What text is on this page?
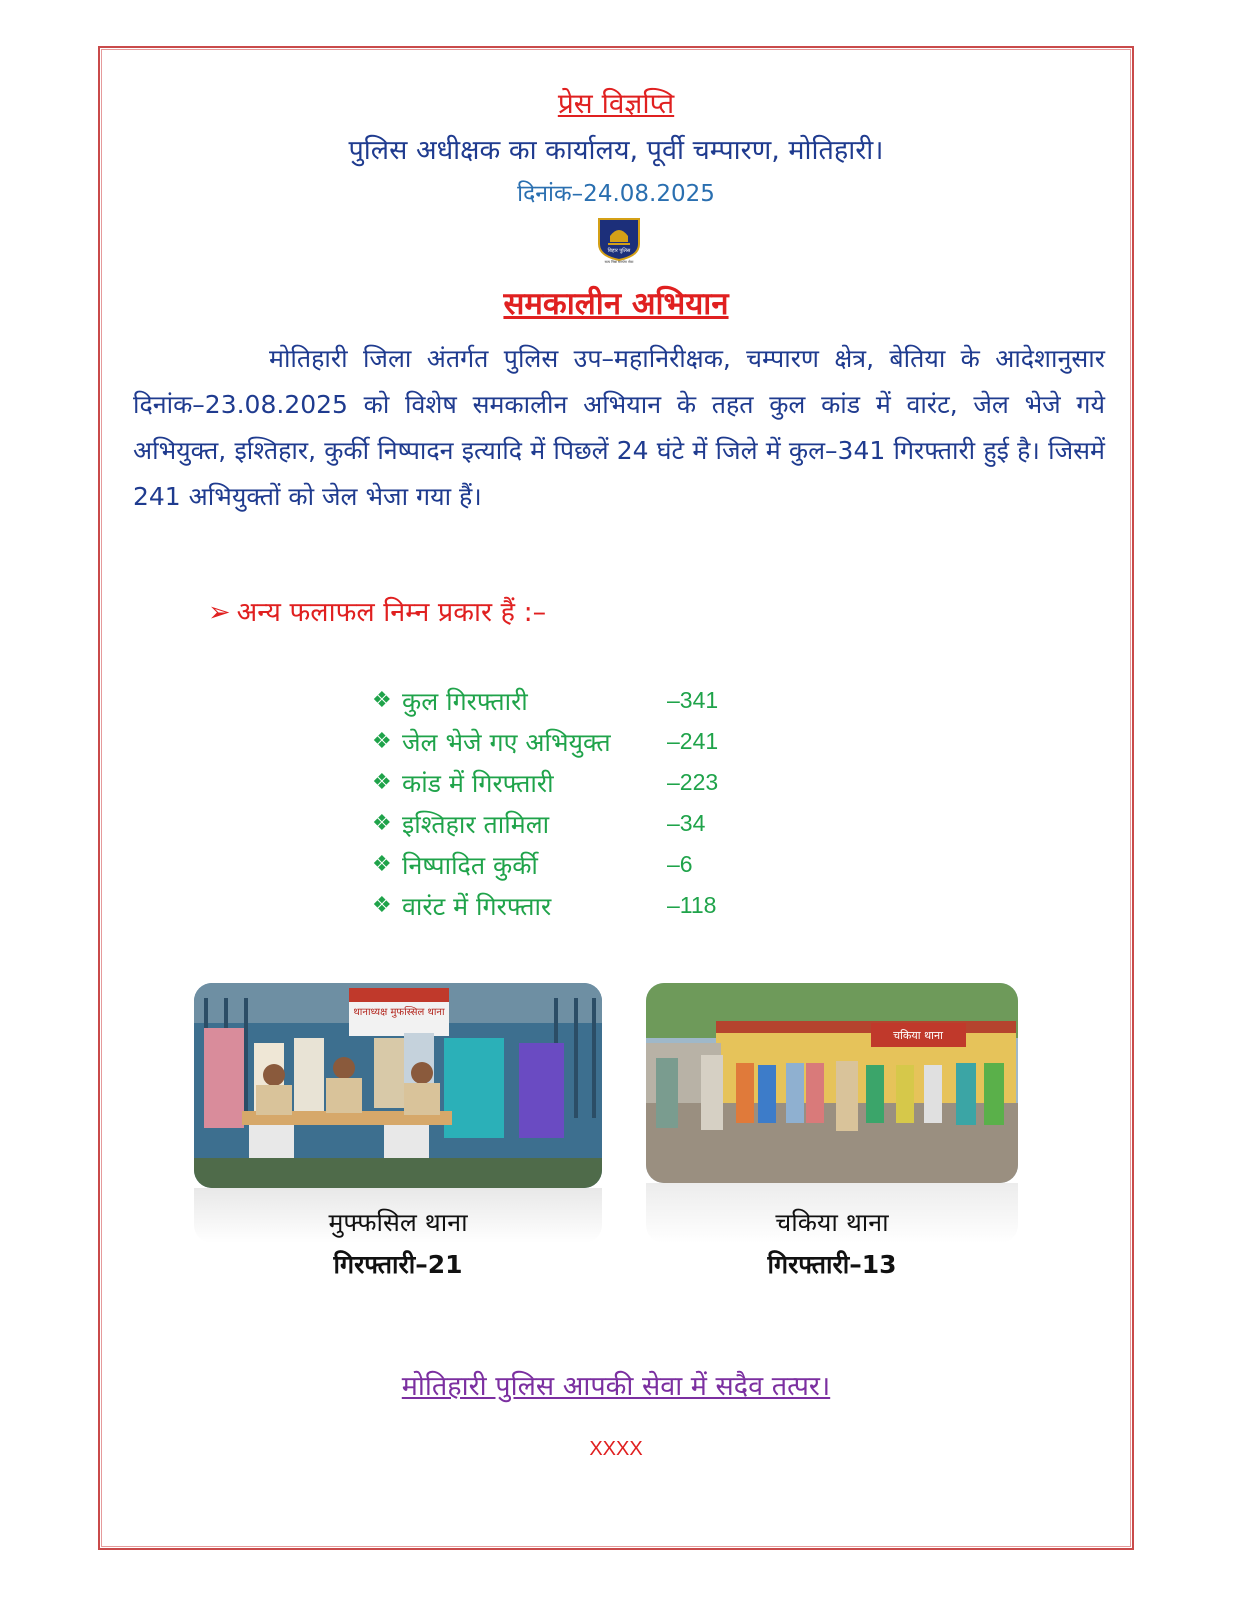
प्रेस विज्ञप्ति
पुलिस अधीक्षक का कार्यालय, पूर्वी चम्पारण, मोतिहारी।
दिनांक–24.08.2025
बिहार पुलिस
सत्य निष्ठा समर्पण सेवा
समकालीन अभियान

मोतिहारी जिला अंतर्गत पुलिस उप–महानिरीक्षक, चम्पारण क्षेत्र, बेतिया के आदेशानुसार दिनांक–23.08.2025 को विशेष समकालीन अभियान के तहत कुल कांड में वारंट, जेल भेजे गये अभियुक्त, इश्तिहार, कुर्की निष्पादन इत्यादि में पिछलें 24 घंटे में जिले में कुल–341 गिरफ्तारी हुई है। जिसमें 241 अभियुक्तों को जेल भेजा गया हैं।

➢ अन्य फलाफल निम्न प्रकार हैं :–
❖ कुल गिरफ्तारी	–341
❖ जेल भेजे गए अभियुक्त	–241
❖ कांड में गिरफ्तारी	–223
❖ इश्तिहार तामिला	–34
❖ निष्पादित कुर्की	–6
❖ वारंट में गिरफ्तार	–118
थानाध्यक्ष मुफस्सिल थाना
चकिया थाना
मुफ्फसिल थाना
गिरफ्तारी–21
चकिया थाना
गिरफ्तारी–13
मोतिहारी पुलिस आपकी सेवा में सदैव तत्पर।
XXXX
